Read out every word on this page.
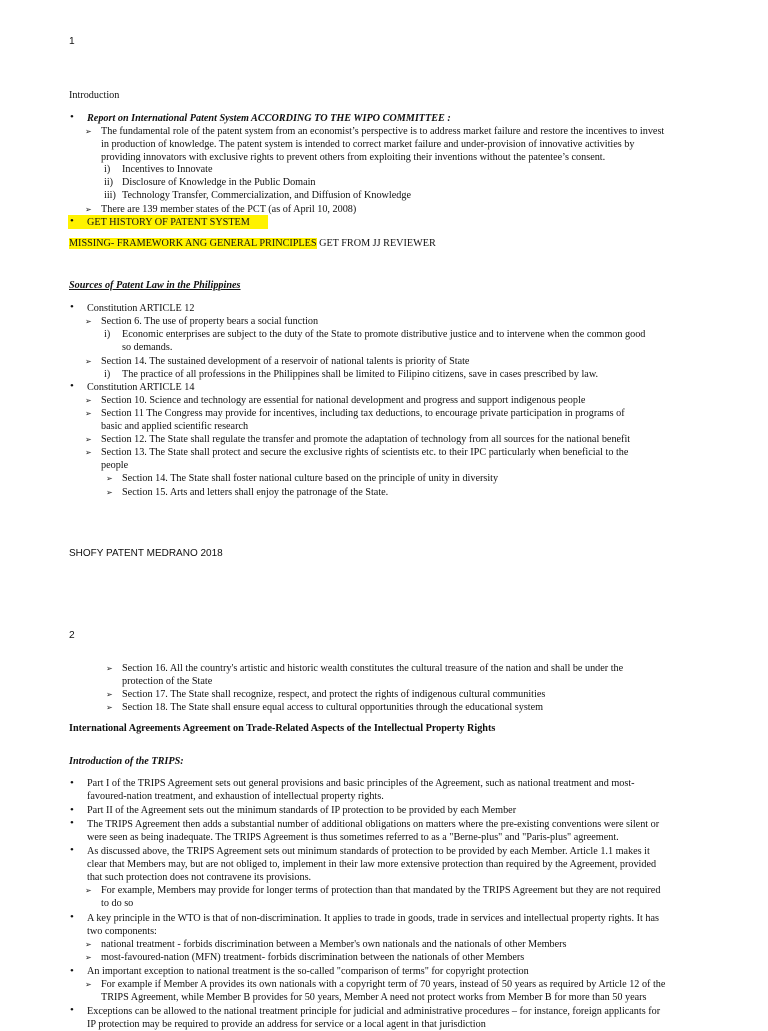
1
Introduction
• Report on International Patent System ACCORDING TO THE WIPO COMMITTEE :
➢ The fundamental role of the patent system from an economist’s perspective is to address market failure and restore the incentives to invest
in production of knowledge. The patent system is intended to correct market failure and under-provision of innovative activities by
providing innovators with exclusive rights to prevent others from exploiting their inventions without the patentee’s consent.
i) Incentives to Innovate
ii) Disclosure of Knowledge in the Public Domain
iii) Technology Transfer, Commercialization, and Diffusion of Knowledge
➢ There are 139 member states of the PCT (as of April 10, 2008)
• GET HISTORY OF PATENT SYSTEM
MISSING- FRAMEWORK ANG GENERAL PRINCIPLES GET FROM JJ REVIEWER
Sources of Patent Law in the Philippines
• Constitution ARTICLE 12
➢ Section 6. The use of property bears a social function
i) Economic enterprises are subject to the duty of the State to promote distributive justice and to intervene when the common good
so demands.
➢ Section 14. The sustained development of a reservoir of national talents is priority of State
i) The practice of all professions in the Philippines shall be limited to Filipino citizens, save in cases prescribed by law.
• Constitution ARTICLE 14
➢ Section 10. Science and technology are essential for national development and progress and support indigenous people
➢ Section 11 The Congress may provide for incentives, including tax deductions, to encourage private participation in programs of
basic and applied scientific research
➢ Section 12. The State shall regulate the transfer and promote the adaptation of technology from all sources for the national benefit
➢ Section 13. The State shall protect and secure the exclusive rights of scientists etc. to their IPC particularly when beneficial to the
people
➢ Section 14. The State shall foster national culture based on the principle of unity in diversity
➢ Section 15. Arts and letters shall enjoy the patronage of the State.
SHOFY PATENT MEDRANO 2018
2
➢ Section 16. All the country's artistic and historic wealth constitutes the cultural treasure of the nation and shall be under the
protection of the State
➢ Section 17. The State shall recognize, respect, and protect the rights of indigenous cultural communities
➢ Section 18. The State shall ensure equal access to cultural opportunities through the educational system
International Agreements Agreement on Trade-Related Aspects of the Intellectual Property Rights
Introduction of the TRIPS:
• Part I of the TRIPS Agreement sets out general provisions and basic principles of the Agreement, such as national treatment and most-
favoured-nation treatment, and exhaustion of intellectual property rights.
• Part II of the Agreement sets out the minimum standards of IP protection to be provided by each Member
• The TRIPS Agreement then adds a substantial number of additional obligations on matters where the pre-existing conventions were silent or
were seen as being inadequate. The TRIPS Agreement is thus sometimes referred to as a "Berne-plus" and "Paris-plus" agreement.
• As discussed above, the TRIPS Agreement sets out minimum standards of protection to be provided by each Member. Article 1.1 makes it
clear that Members may, but are not obliged to, implement in their law more extensive protection than required by the Agreement, provided
that such protection does not contravene its provisions.
➢ For example, Members may provide for longer terms of protection than that mandated by the TRIPS Agreement but they are not required
to do so
• A key principle in the WTO is that of non-discrimination. It applies to trade in goods, trade in services and intellectual property rights. It has
two components:
➢ national treatment - forbids discrimination between a Member's own nationals and the nationals of other Members
➢ most-favoured-nation (MFN) treatment- forbids discrimination between the nationals of other Members
• An important exception to national treatment is the so-called "comparison of terms" for copyright protection
➢ For example if Member A provides its own nationals with a copyright term of 70 years, instead of 50 years as required by Article 12 of the
TRIPS Agreement, while Member B provides for 50 years, Member A need not protect works from Member B for more than 50 years
• Exceptions can be allowed to the national treatment principle for judicial and administrative procedures – for instance, foreign applicants for
IP protection may be required to provide an address for service or a local agent in that jurisdiction
